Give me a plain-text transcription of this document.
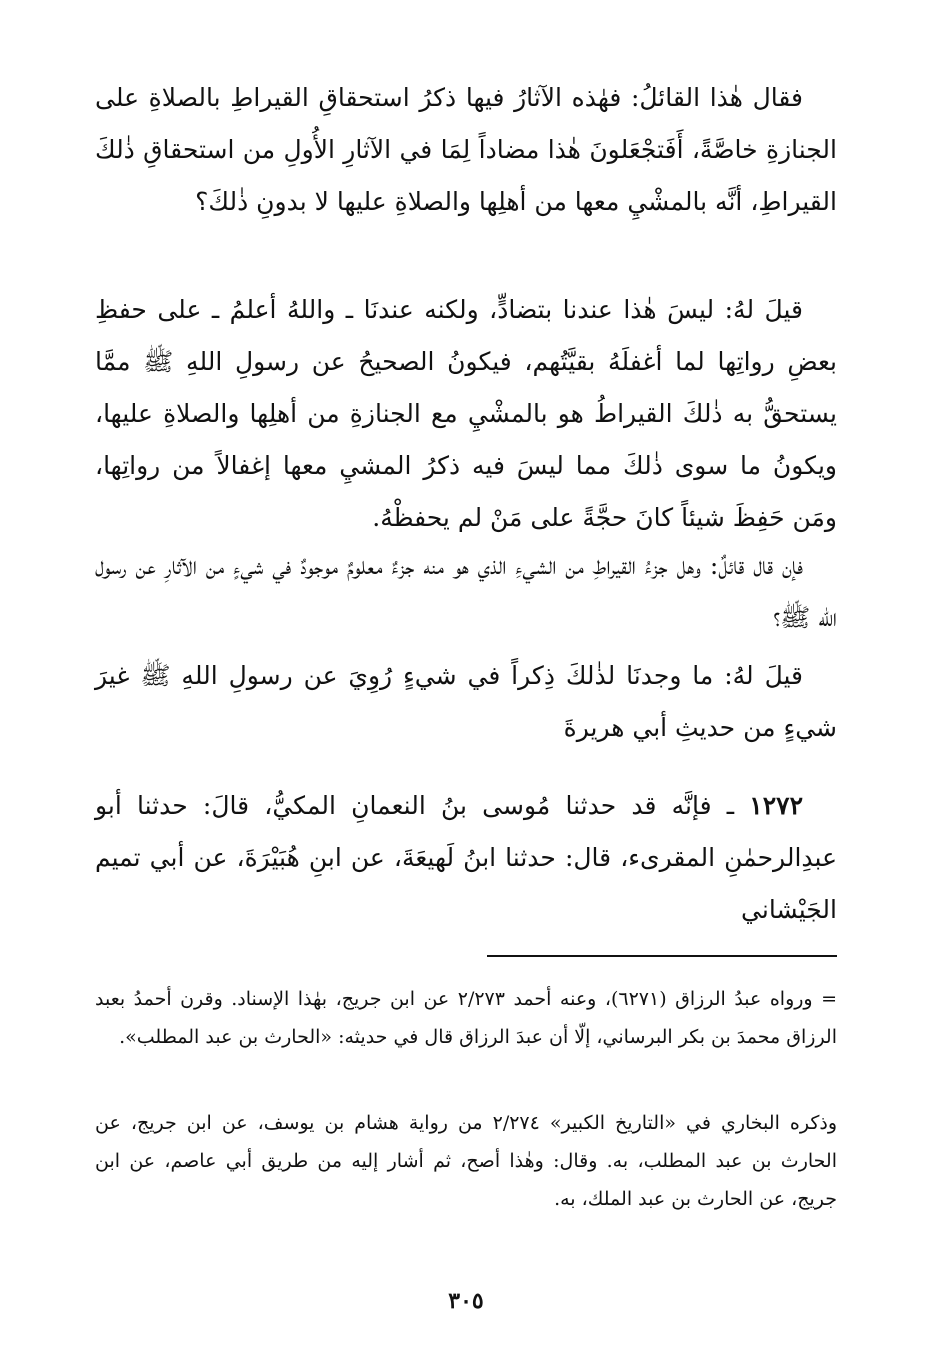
فقال هٰذا القائلُ: فهٰذه الآثارُ فيها ذكرُ استحقاقِ القيراطِ بالصلاةِ على الجنازةِ خاصَّةً، أَفَتجْعَلونَ هٰذا مضاداً لِمَا في الآثارِ الأُولِ من استحقاقِ ذٰلكَ القيراطِ، أنَّه بالمشْيِ معها من أهلِها والصلاةِ عليها لا بدونِ ذٰلكَ؟

قيلَ لهُ: ليسَ هٰذا عندنا بتضادٍّ، ولكنه عندنَا ـ واللهُ أعلمُ ـ على حفظِ بعضِ رواتِها لما أغفلَهُ بقيَّتُهم، فيكونُ الصحيحُ عن رسولِ اللهِ ﷺ ممَّا يستحقُّ به ذٰلكَ القيراطُ هو بالمشْيِ مع الجنازةِ من أهلِها والصلاةِ عليها، ويكونُ ما سوى ذٰلكَ مما ليسَ فيه ذكرُ المشيِ معها إغفالاً من رواتِها، ومَن حَفِظَ شيئاً كانَ حجَّةً على مَنْ لم يحفظْهُ.

فإن قال قائلٌ: وهل جزءُ القيراطِ من الشيءِ الذي هو منه جزءٌ معلومٌ موجودٌ في شيءٍ من الآثارِ عن رسول الله ﷺ؟

قيلَ لهُ: ما وجدنَا لذٰلكَ ذِكراً في شيءٍ رُوِيَ عن رسولِ اللهِ ﷺ غيرَ شيءٍ من حديثِ أبي هريرةَ

١٢٧٢ ـ فإنَّه قد حدثنا مُوسى بنُ النعمانِ المكيُّ، قالَ: حدثنا أبو عبدِالرحمٰنِ المقرىء، قال: حدثنا ابنُ لَهيعَةَ، عن ابنِ هُبَيْرَةَ، عن أبي تميم الجَيْشاني

= ورواه عبدُ الرزاق (٦٢٧١)، وعنه أحمد ٢/٢٧٣ عن ابن جريج، بهٰذا الإسناد. وقرن أحمدُ بعبد الرزاق محمدَ بن بكر البرساني، إلّا أن عبدَ الرزاق قال في حديثه: «الحارث بن عبد المطلب».

وذكره البخاري في «التاريخ الكبير» ٢/٢٧٤ من رواية هشام بن يوسف، عن ابن جريج، عن الحارث بن عبد المطلب، به. وقال: وهٰذا أصح، ثم أشار إليه من طريق أبي عاصم، عن ابن جريج، عن الحارث بن عبد الملك، به.

٣٠٥
